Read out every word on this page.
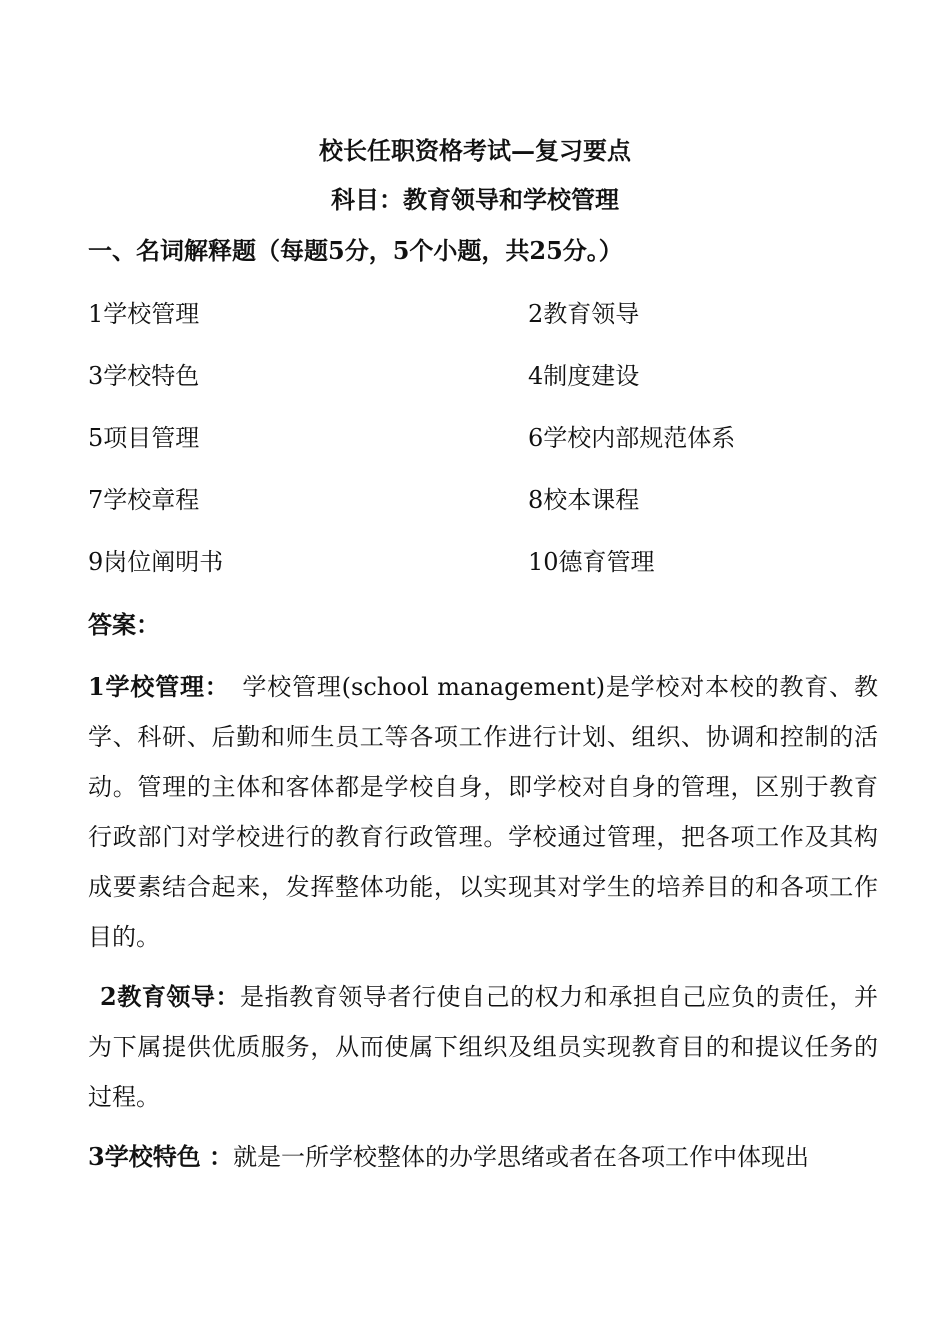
校长任职资格考试—复习要点
科目：教育领导和学校管理
一、名词解释题（每题5分，5个小题，共25分。）
1学校管理	2教育领导
3学校特色	4制度建设
5项目管理	6学校内部规范体系
7学校章程	8校本课程
9岗位阐明书	10德育管理
答案：

1学校管理：　学校管理(school management)是学校对本校的教育、教学、科研、后勤和师生员工等各项工作进行计划、组织、协调和控制的活动。管理的主体和客体都是学校自身，即学校对自身的管理，区别于教育行政部门对学校进行的教育行政管理。学校通过管理，把各项工作及其构成要素结合起来，发挥整体功能，以实现其对学生的培养目的和各项工作目的。

2教育领导：是指教育领导者行使自己的权力和承担自己应负的责任，并为下属提供优质服务，从而使属下组织及组员实现教育目的和提议任务的过程。

3学校特色 ：就是一所学校整体的办学思绪或者在各项工作中体现出
